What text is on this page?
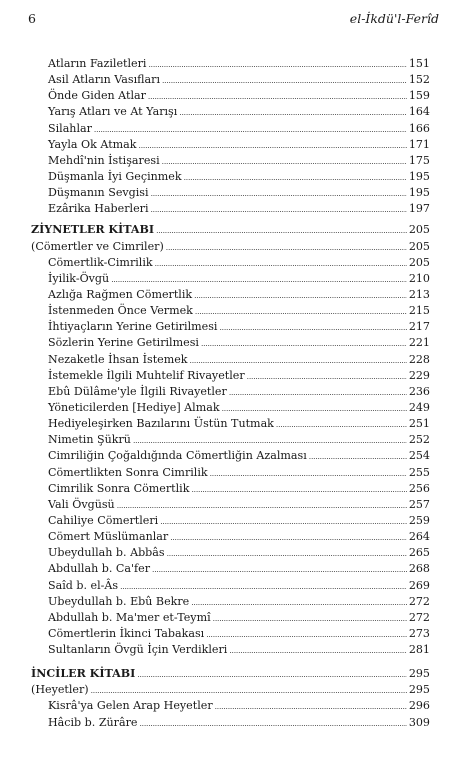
6	el-İkdü'l-Ferîd
Atların Faziletleri .....	151
Asil Atların Vasıfları .....	152
Önde Giden Atlar .....	159
Yarış Atları ve At Yarışı .....	164
Silahlar .....	166
Yayla Ok Atmak .....	171
Mehdî'nin İstişaresi .....	175
Düşmanla İyi Geçinmek .....	195
Düşmanın Sevgisi .....	195
Ezârika Haberleri .....	197
ZİYNETLER KİTABI .....	205
(Cömertler ve Cimriler) .....	205
Cömertlik-Cimrilik .....	205
İyilik-Övgü .....	210
Azlığa Rağmen Cömertlik .....	213
İstenmeden Önce Vermek .....	215
İhtiyaçların Yerine Getirilmesi .....	217
Sözlerin Yerine Getirilmesi .....	221
Nezaketle İhsan İstemek .....	228
İstemekle İlgili Muhtelif Rivayetler .....	229
Ebû Dülâme'yle İlgili Rivayetler .....	236
Yöneticilerden [Hediye] Almak .....	249
Hediyeleşirken Bazılarını Üstün Tutmak .....	251
Nimetin Şükrü .....	252
Cimriliğin Çoğaldığında Cömertliğin Azalması .....	254
Cömertlikten Sonra Cimrilik .....	255
Cimrilik Sonra Cömertlik .....	256
Vali Övgüsü .....	257
Cahiliye Cömertleri .....	259
Cömert Müslümanlar .....	264
Ubeydullah b. Abbâs .....	265
Abdullah b. Ca'fer .....	268
Saîd b. el-Âs .....	269
Ubeydullah b. Ebû Bekre .....	272
Abdullah b. Ma'mer et-Teymî .....	272
Cömertlerin İkinci Tabakası .....	273
Sultanların Övgü İçin Verdikleri .....	281
İNCİLER KİTABI .....	295
(Heyetler) .....	295
Kisrâ'ya Gelen Arap Heyetler .....	296
Hâcib b. Zürâre .....	309
